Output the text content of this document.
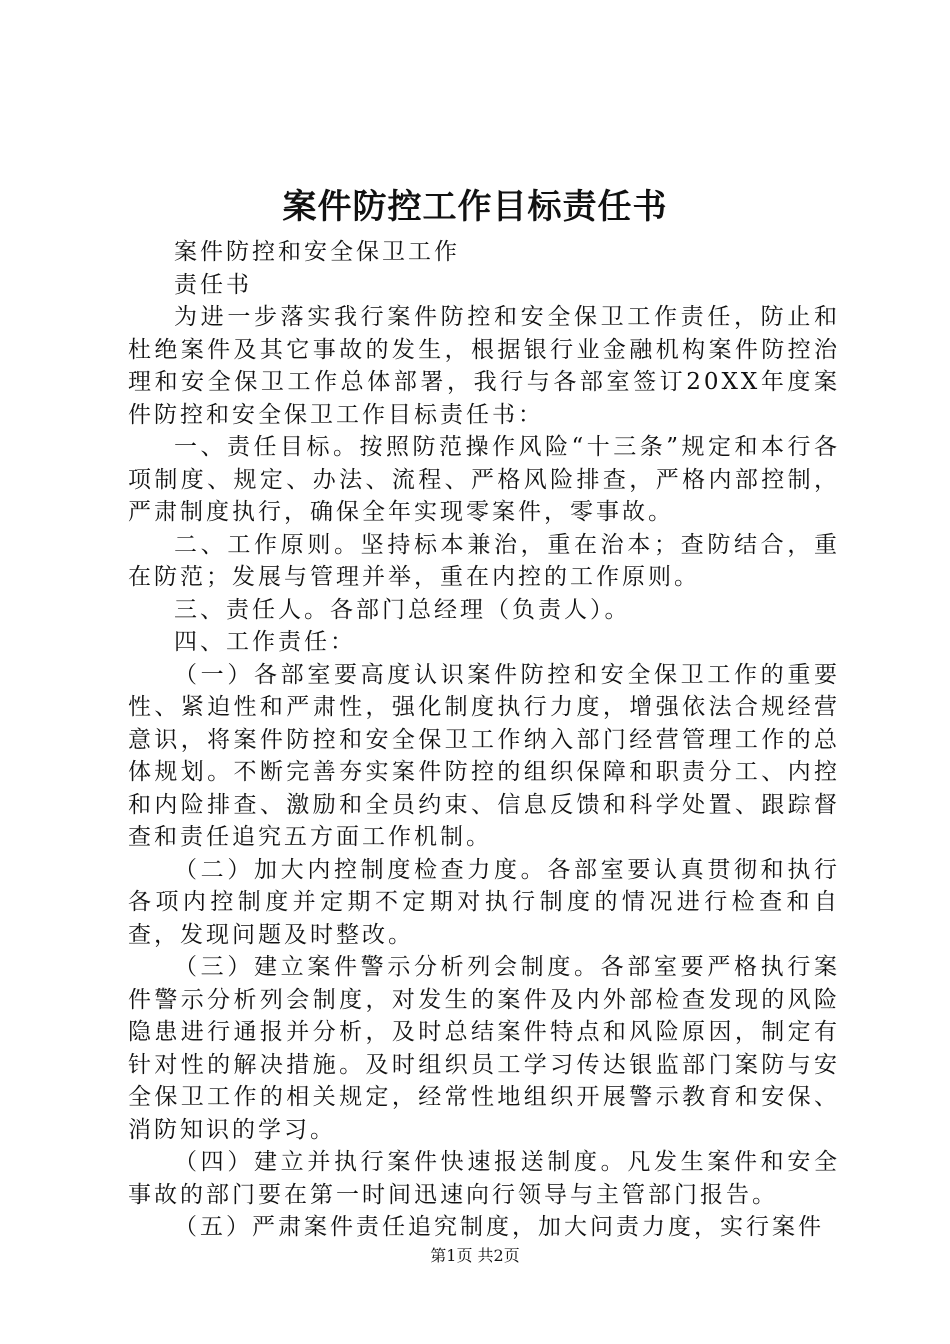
案件防控工作目标责任书

案件防控和安全保卫工作

责任书

为进一步落实我行案件防控和安全保卫工作责任，防止和杜绝案件及其它事故的发生，根据银行业金融机构案件防控治理和安全保卫工作总体部署，我行与各部室签订20XX年度案件防控和安全保卫工作目标责任书：

一、责任目标。按照防范操作风险“十三条”规定和本行各项制度、规定、办法、流程、严格风险排查，严格内部控制，严肃制度执行，确保全年实现零案件，零事故。

二、工作原则。坚持标本兼治，重在治本；查防结合，重在防范；发展与管理并举，重在内控的工作原则。

三、责任人。各部门总经理（负责人）。

四、工作责任：

（一）各部室要高度认识案件防控和安全保卫工作的重要性、紧迫性和严肃性，强化制度执行力度，增强依法合规经营意识，将案件防控和安全保卫工作纳入部门经营管理工作的总体规划。不断完善夯实案件防控的组织保障和职责分工、内控和内险排查、激励和全员约束、信息反馈和科学处置、跟踪督查和责任追究五方面工作机制。

（二）加大内控制度检查力度。各部室要认真贯彻和执行各项内控制度并定期不定期对执行制度的情况进行检查和自查，发现问题及时整改。

（三）建立案件警示分析列会制度。各部室要严格执行案件警示分析列会制度，对发生的案件及内外部检查发现的风险隐患进行通报并分析，及时总结案件特点和风险原因，制定有针对性的解决措施。及时组织员工学习传达银监部门案防与安全保卫工作的相关规定，经常性地组织开展警示教育和安保、消防知识的学习。

（四）建立并执行案件快速报送制度。凡发生案件和安全事故的部门要在第一时间迅速向行领导与主管部门报告。

（五）严肃案件责任追究制度，加大问责力度，实行案件

第1页 共2页
